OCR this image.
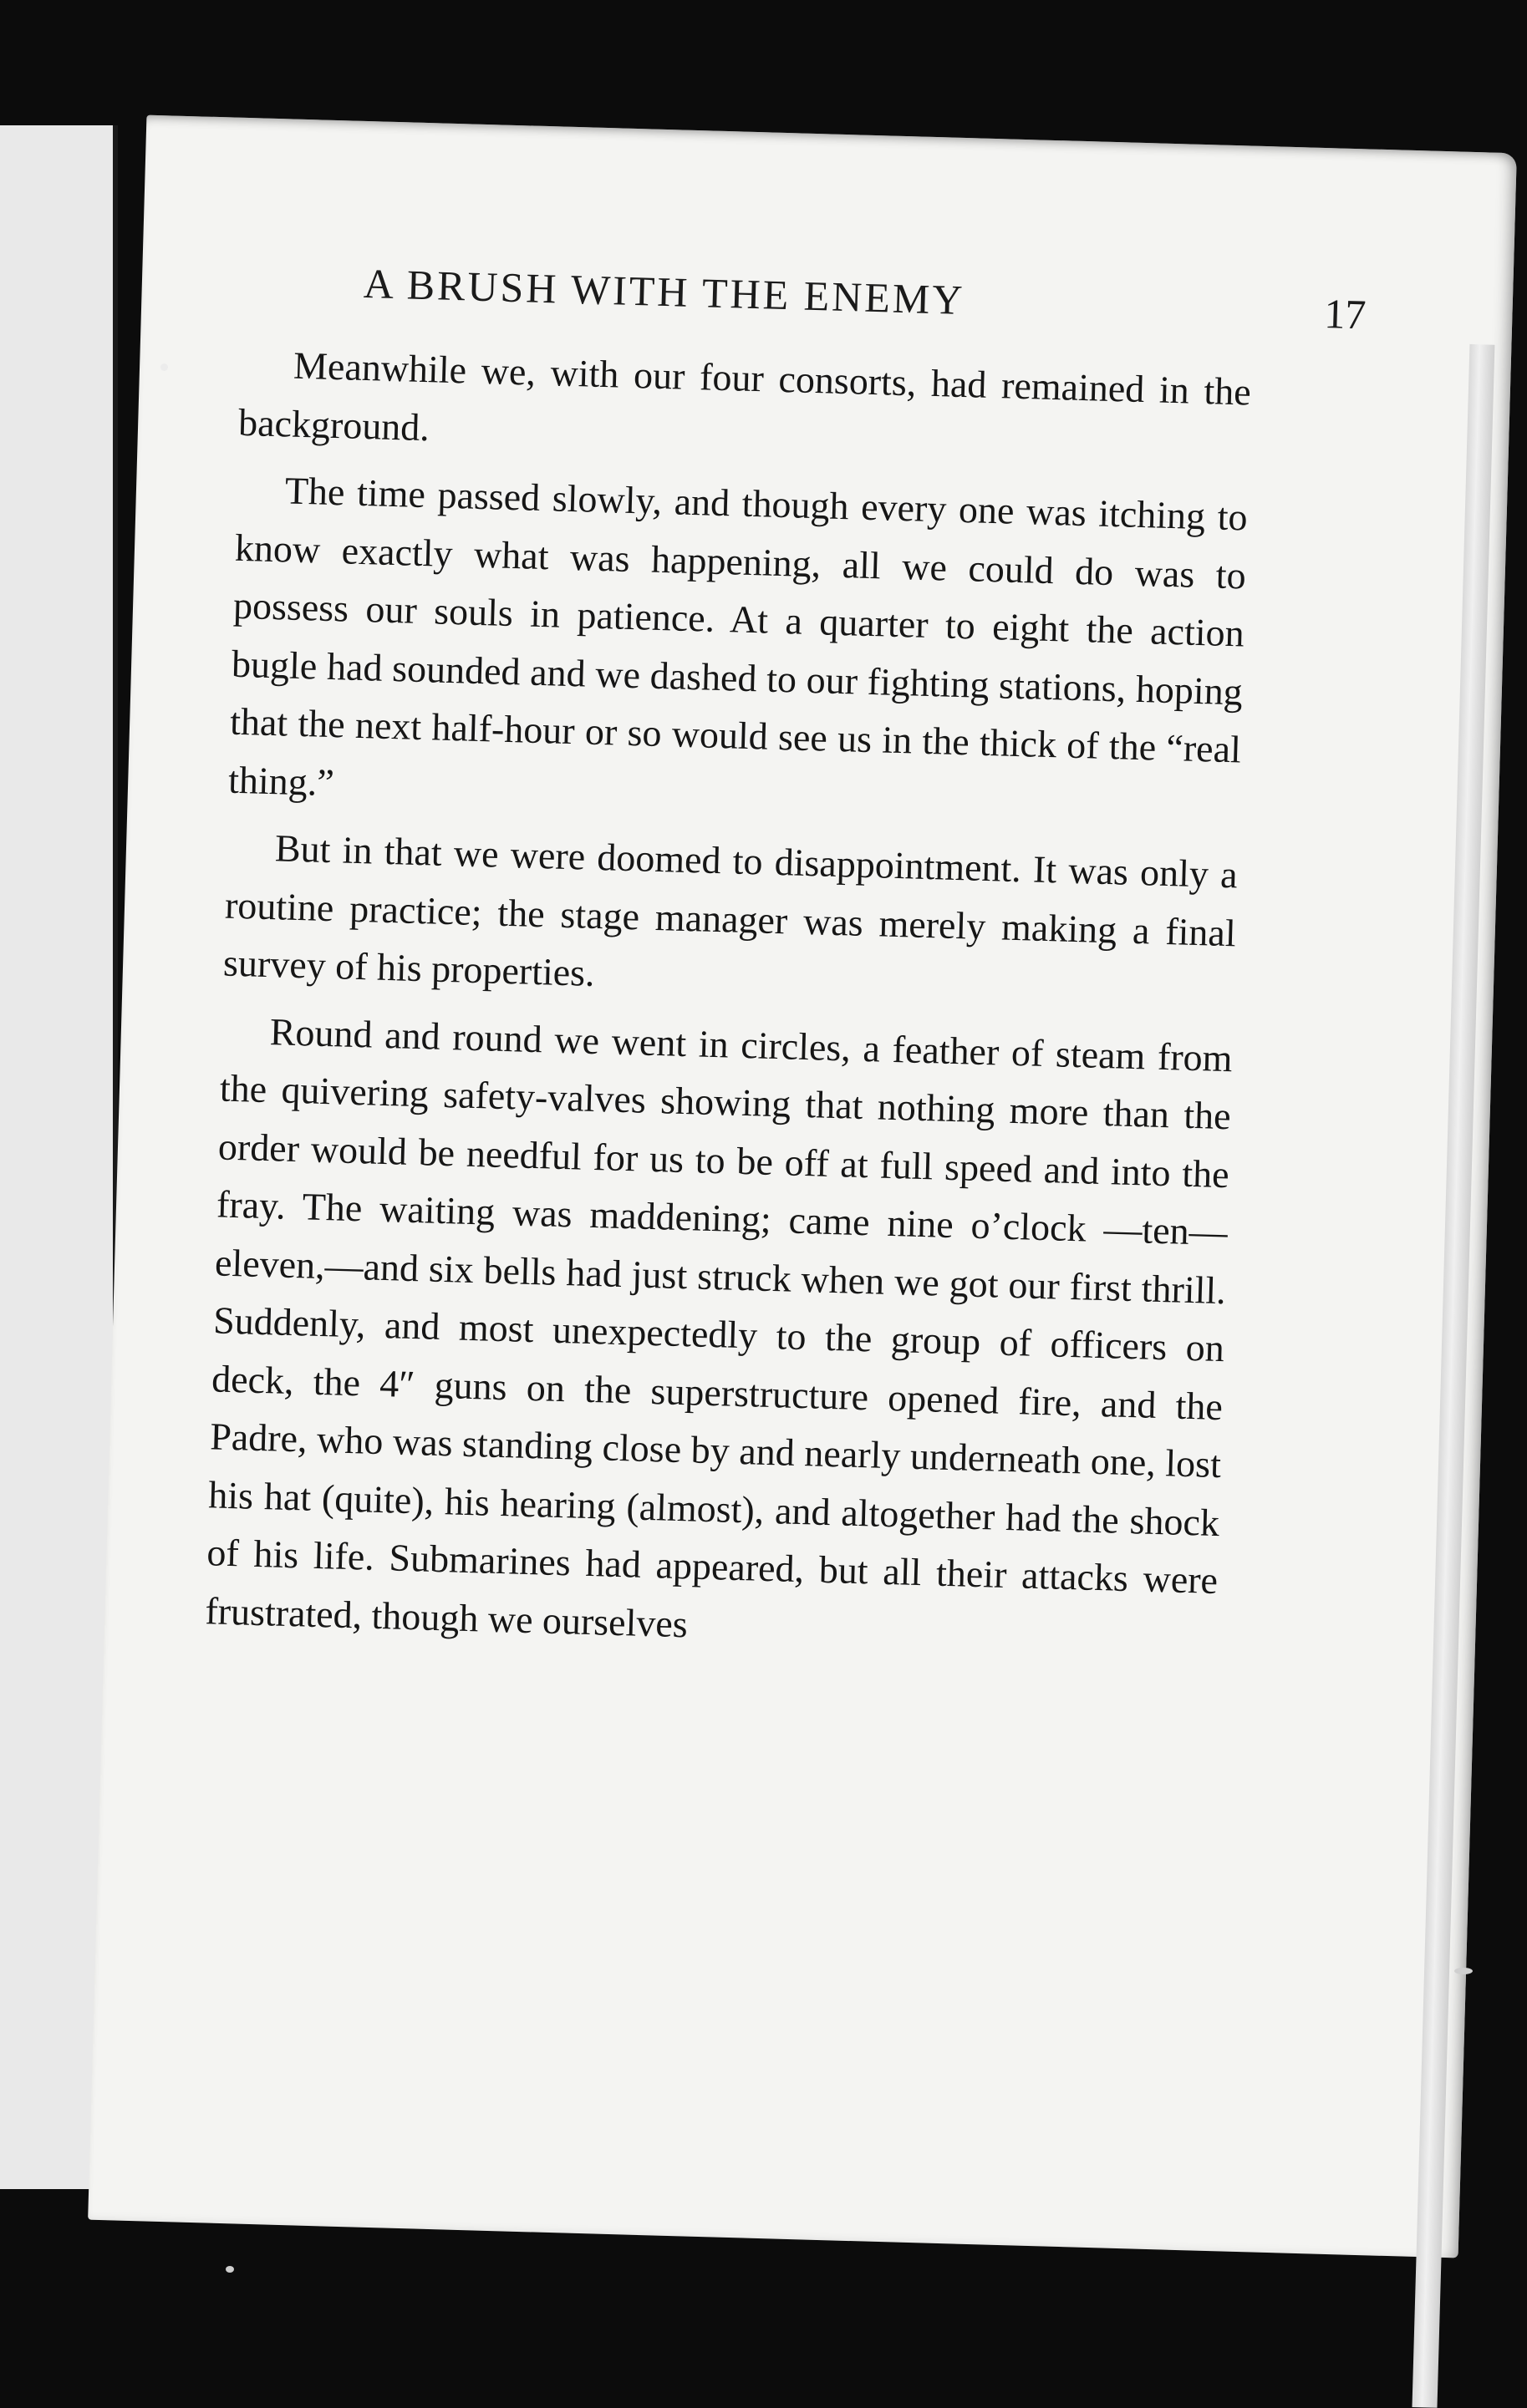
A BRUSH WITH THE ENEMY	17

Meanwhile we, with our four consorts, had remained in the background.

The time passed slowly, and though every one was itching to know exactly what was happening, all we could do was to possess our souls in patience. At a quarter to eight the action bugle had sounded and we dashed to our fighting stations, hoping that the next half-hour or so would see us in the thick of the “real thing.”

But in that we were doomed to disappointment. It was only a routine practice; the stage manager was merely making a final survey of his properties.

Round and round we went in circles, a feather of steam from the quivering safety-valves showing that nothing more than the order would be needful for us to be off at full speed and into the fray. The waiting was maddening; came nine o’clock —ten—eleven,—and six bells had just struck when we got our first thrill. Suddenly, and most unexpectedly to the group of officers on deck, the 4″ guns on the superstructure opened fire, and the Padre, who was standing close by and nearly underneath one, lost his hat (quite), his hearing (almost), and altogether had the shock of his life. Submarines had appeared, but all their attacks were frustrated, though we ourselves
